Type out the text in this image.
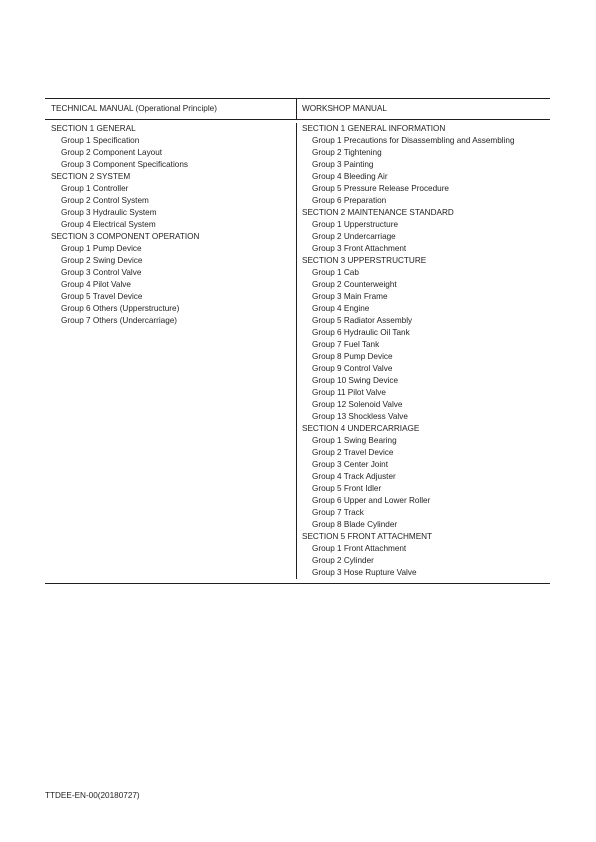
TECHNICAL MANUAL (Operational Principle)	WORKSHOP MANUAL
SECTION 1 GENERAL
Group 1 Specification
Group 2 Component Layout
Group 3 Component Specifications
SECTION 2 SYSTEM
Group 1 Controller
Group 2 Control System
Group 3 Hydraulic System
Group 4 Electrical System
SECTION 3 COMPONENT OPERATION
Group 1 Pump Device
Group 2 Swing Device
Group 3 Control Valve
Group 4 Pilot Valve
Group 5 Travel Device
Group 6 Others (Upperstructure)
Group 7 Others (Undercarriage)
SECTION 1 GENERAL INFORMATION
Group 1 Precautions for Disassembling and Assembling
Group 2 Tightening
Group 3 Painting
Group 4 Bleeding Air
Group 5 Pressure Release Procedure
Group 6 Preparation
SECTION 2 MAINTENANCE STANDARD
Group 1 Upperstructure
Group 2 Undercarriage
Group 3 Front Attachment
SECTION 3 UPPERSTRUCTURE
Group 1 Cab
Group 2 Counterweight
Group 3 Main Frame
Group 4 Engine
Group 5 Radiator Assembly
Group 6 Hydraulic Oil Tank
Group 7 Fuel Tank
Group 8 Pump Device
Group 9 Control Valve
Group 10 Swing Device
Group 11 Pilot Valve
Group 12 Solenoid Valve
Group 13 Shockless Valve
SECTION 4 UNDERCARRIAGE
Group 1 Swing Bearing
Group 2 Travel Device
Group 3 Center Joint
Group 4 Track Adjuster
Group 5 Front Idler
Group 6 Upper and Lower Roller
Group 7 Track
Group 8 Blade Cylinder
SECTION 5 FRONT ATTACHMENT
Group 1 Front Attachment
Group 2 Cylinder
Group 3 Hose Rupture Valve
TTDEE-EN-00(20180727)
